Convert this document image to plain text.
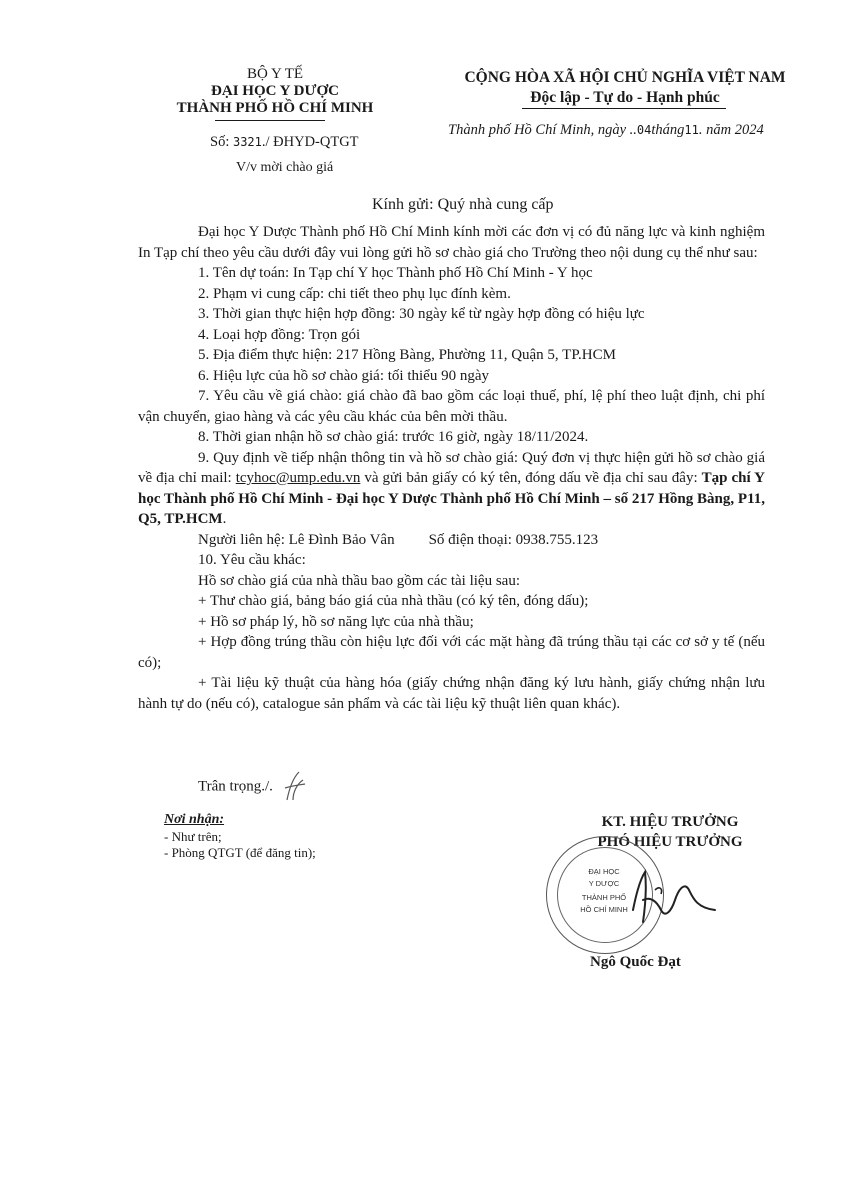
BỘ Y TẾ
ĐẠI HỌC Y DƯỢC
THÀNH PHỐ HỒ CHÍ MINH
Số: 3321./ ĐHYD-QTGT
V/v mời chào giá
CỘNG HÒA XÃ HỘI CHỦ NGHĨA VIỆT NAM
Độc lập - Tự do - Hạnh phúc
Thành phố Hồ Chí Minh, ngày ..04tháng11. năm 2024
Kính gửi: Quý nhà cung cấp

Đại học Y Dược Thành phố Hồ Chí Minh kính mời các đơn vị có đủ năng lực và kinh nghiệm In Tạp chí theo yêu cầu dưới đây vui lòng gửi hồ sơ chào giá cho Trường theo nội dung cụ thể như sau:

1. Tên dự toán: In Tạp chí Y học Thành phố Hồ Chí Minh - Y học

2. Phạm vi cung cấp: chi tiết theo phụ lục đính kèm.

3. Thời gian thực hiện hợp đồng: 30 ngày kể từ ngày hợp đồng có hiệu lực

4. Loại hợp đồng: Trọn gói

5. Địa điểm thực hiện: 217 Hồng Bàng, Phường 11, Quận 5, TP.HCM

6. Hiệu lực của hồ sơ chào giá: tối thiểu 90 ngày

7. Yêu cầu về giá chào: giá chào đã bao gồm các loại thuế, phí, lệ phí theo luật định, chi phí vận chuyển, giao hàng và các yêu cầu khác của bên mời thầu.

8. Thời gian nhận hồ sơ chào giá: trước 16 giờ, ngày 18/11/2024.

9. Quy định về tiếp nhận thông tin và hồ sơ chào giá: Quý đơn vị thực hiện gửi hồ sơ chào giá về địa chỉ mail: tcyhoc@ump.edu.vn và gửi bản giấy có ký tên, đóng dấu về địa chỉ sau đây: Tạp chí Y học Thành phố Hồ Chí Minh - Đại học Y Dược Thành phố Hồ Chí Minh – số 217 Hồng Bàng, P11, Q5, TP.HCM.

Người liên hệ: Lê Đình Bảo Vân Số điện thoại: 0938.755.123

10. Yêu cầu khác:

Hồ sơ chào giá của nhà thầu bao gồm các tài liệu sau:

+ Thư chào giá, bảng báo giá của nhà thầu (có ký tên, đóng dấu);

+ Hồ sơ pháp lý, hồ sơ năng lực của nhà thầu;

+ Hợp đồng trúng thầu còn hiệu lực đối với các mặt hàng đã trúng thầu tại các cơ sở y tế (nếu có);

+ Tài liệu kỹ thuật của hàng hóa (giấy chứng nhận đăng ký lưu hành, giấy chứng nhận lưu hành tự do (nếu có), catalogue sản phẩm và các tài liệu kỹ thuật liên quan khác).

Trân trọng./.
Nơi nhận:
- Như trên;
- Phòng QTGT (để đăng tin);
KT. HIỆU TRƯỞNG
PHÓ HIỆU TRƯỞNG
ĐẠI HỌC
Y DƯỢC
THÀNH PHỐ
HỒ CHÍ MINH
Ngô Quốc Đạt
